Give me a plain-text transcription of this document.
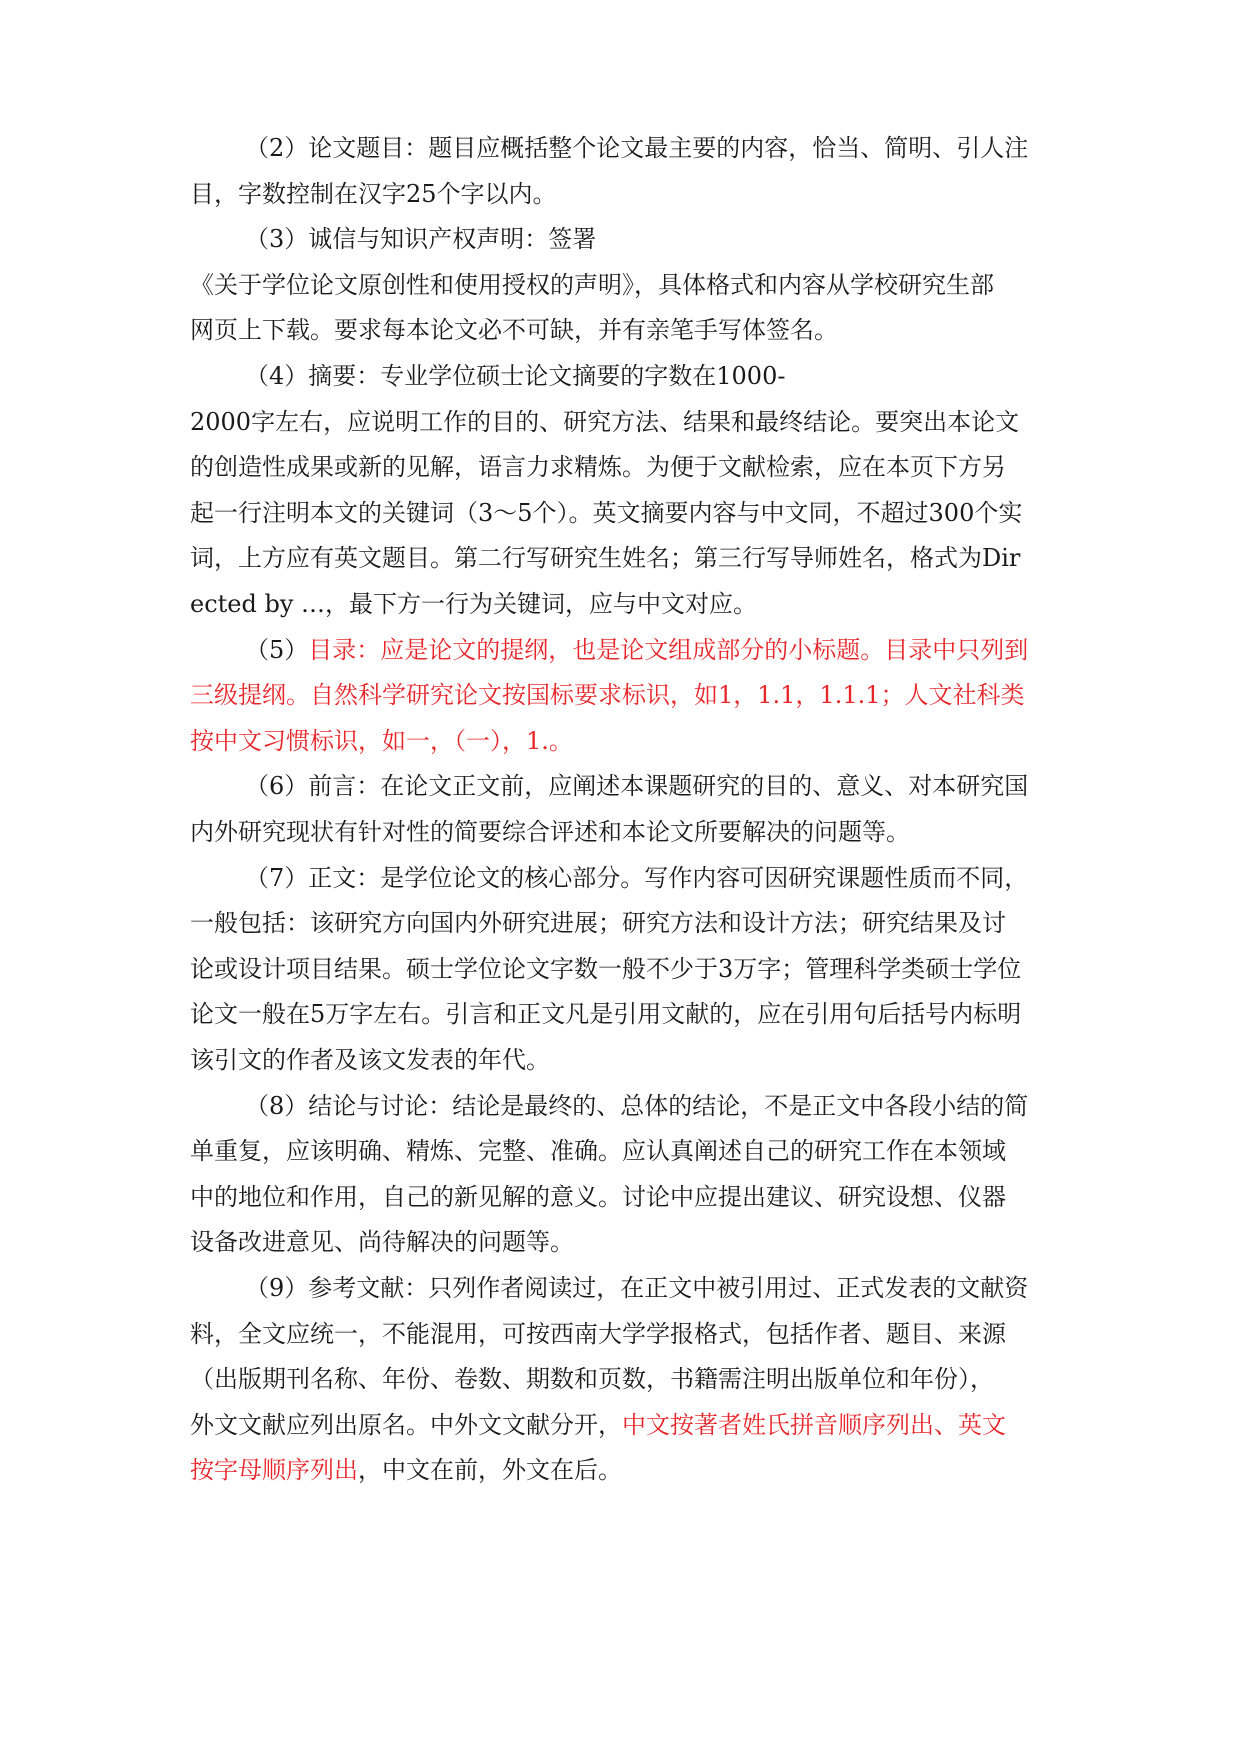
（2）论文题目：题目应概括整个论文最主要的内容，恰当、简明、引人注
目，字数控制在汉字25个字以内。
（3）诚信与知识产权声明：签署
《关于学位论文原创性和使用授权的声明》，具体格式和内容从学校研究生部
网页上下载。要求每本论文必不可缺，并有亲笔手写体签名。
（4）摘要：专业学位硕士论文摘要的字数在1000-
2000字左右，应说明工作的目的、研究方法、结果和最终结论。要突出本论文
的创造性成果或新的见解，语言力求精炼。为便于文献检索，应在本页下方另
起一行注明本文的关键词（3～5个）。英文摘要内容与中文同，不超过300个实
词，上方应有英文题目。第二行写研究生姓名；第三行写导师姓名，格式为Dir
ected by …，最下方一行为关键词，应与中文对应。
（5）目录：应是论文的提纲，也是论文组成部分的小标题。目录中只列到
三级提纲。自然科学研究论文按国标要求标识，如1，1.1，1.1.1；人文社科类
按中文习惯标识，如一，（一），1.。
（6）前言：在论文正文前，应阐述本课题研究的目的、意义、对本研究国
内外研究现状有针对性的简要综合评述和本论文所要解决的问题等。
（7）正文：是学位论文的核心部分。写作内容可因研究课题性质而不同，
一般包括：该研究方向国内外研究进展；研究方法和设计方法；研究结果及讨
论或设计项目结果。硕士学位论文字数一般不少于3万字；管理科学类硕士学位
论文一般在5万字左右。引言和正文凡是引用文献的，应在引用句后括号内标明
该引文的作者及该文发表的年代。
（8）结论与讨论：结论是最终的、总体的结论，不是正文中各段小结的简
单重复，应该明确、精炼、完整、准确。应认真阐述自己的研究工作在本领域
中的地位和作用，自己的新见解的意义。讨论中应提出建议、研究设想、仪器
设备改进意见、尚待解决的问题等。
（9）参考文献：只列作者阅读过，在正文中被引用过、正式发表的文献资
料，全文应统一，不能混用，可按西南大学学报格式，包括作者、题目、来源
（出版期刊名称、年份、卷数、期数和页数，书籍需注明出版单位和年份），
外文文献应列出原名。中外文文献分开，中文按著者姓氏拼音顺序列出、英文
按字母顺序列出，中文在前，外文在后。
